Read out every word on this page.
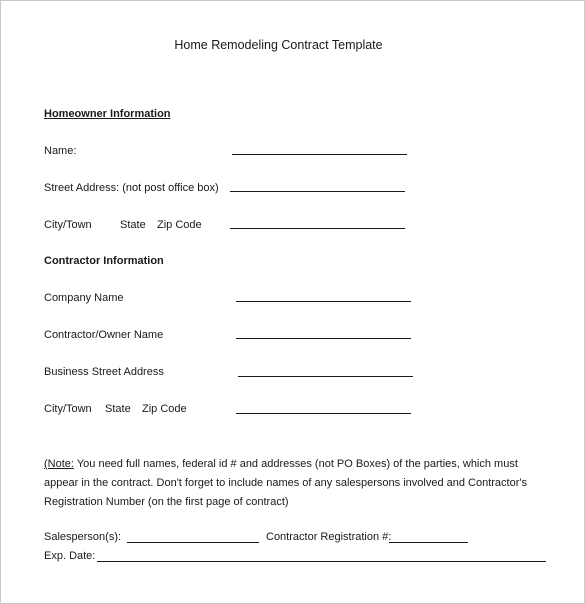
Home Remodeling Contract Template
Homeowner Information
Name:
Street Address: (not post office box)
City/Town	State Zip Code
Contractor Information
Company Name
Contractor/Owner Name
Business Street Address
City/Town State Zip Code
(Note: You need full names, federal id # and addresses (not PO Boxes) of the parties, which must appear in the contract. Don't forget to include names of any salespersons involved and Contractor's Registration Number (on the first page of contract)
Salesperson(s):	Contractor Registration #:
Exp. Date:
